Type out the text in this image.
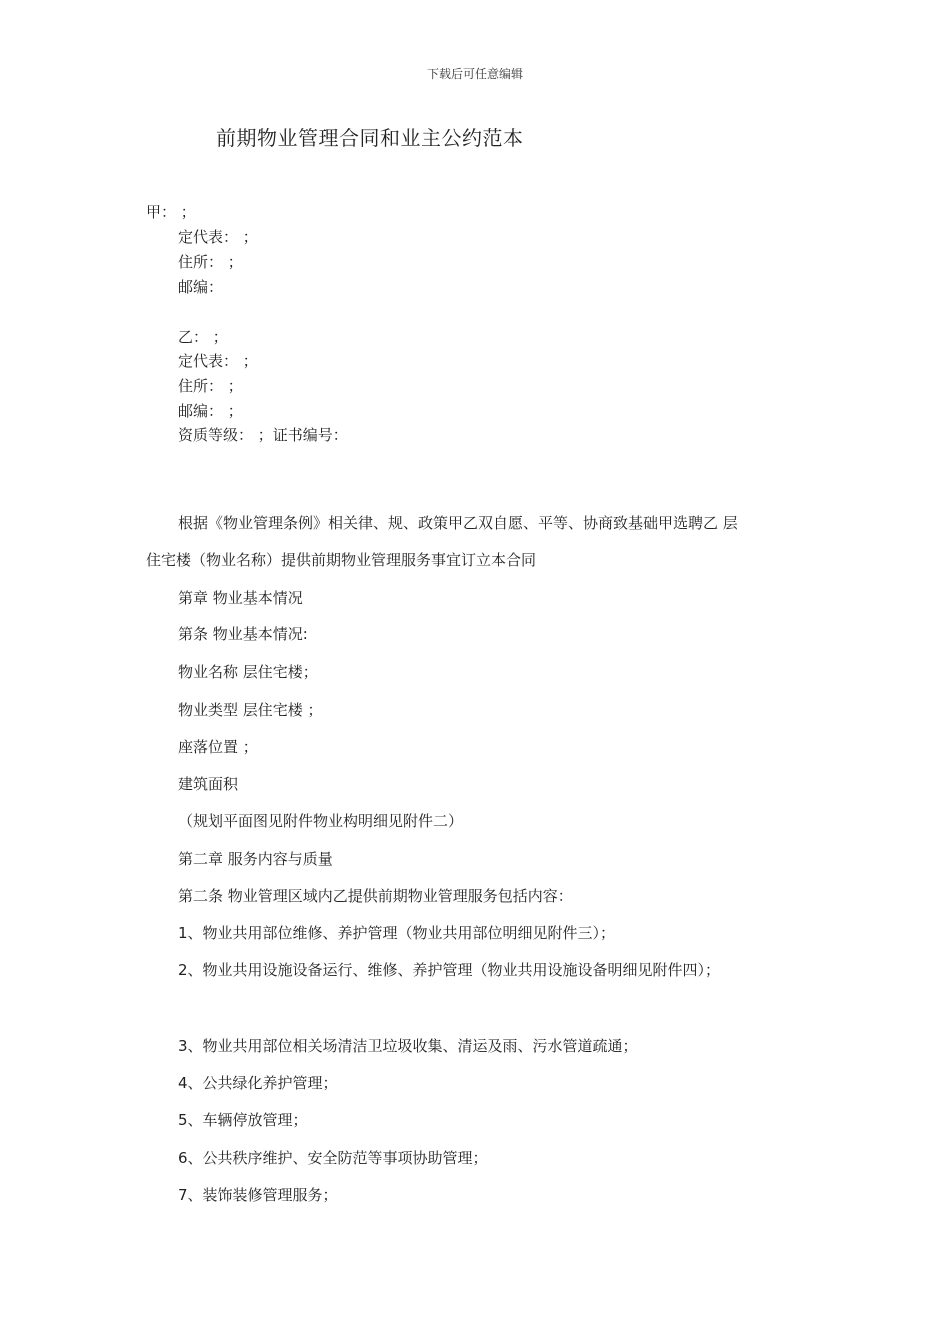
下载后可任意编辑
前期物业管理合同和业主公约范本
甲： ；
定代表： ；
住所： ；
邮编：
乙： ；
定代表： ；
住所： ；
邮编： ；
资质等级： ；证书编号：
根据《物业管理条例》相关律、规、政策甲乙双自愿、平等、协商致基础甲选聘乙 层
住宅楼（物业名称）提供前期物业管理服务事宜订立本合同
第章 物业基本情况
第条 物业基本情况:
物业名称 层住宅楼；
物业类型 层住宅楼 ；
座落位置 ；
建筑面积
（规划平面图见附件物业构明细见附件二）
第二章 服务内容与质量
第二条 物业管理区域内乙提供前期物业管理服务包括内容：
1、物业共用部位维修、养护管理（物业共用部位明细见附件三）；
2、物业共用设施设备运行、维修、养护管理（物业共用设施设备明细见附件四）；
3、物业共用部位相关场清洁卫垃圾收集、清运及雨、污水管道疏通；
4、公共绿化养护管理；
5、车辆停放管理；
6、公共秩序维护、安全防范等事项协助管理；
7、装饰装修管理服务；
